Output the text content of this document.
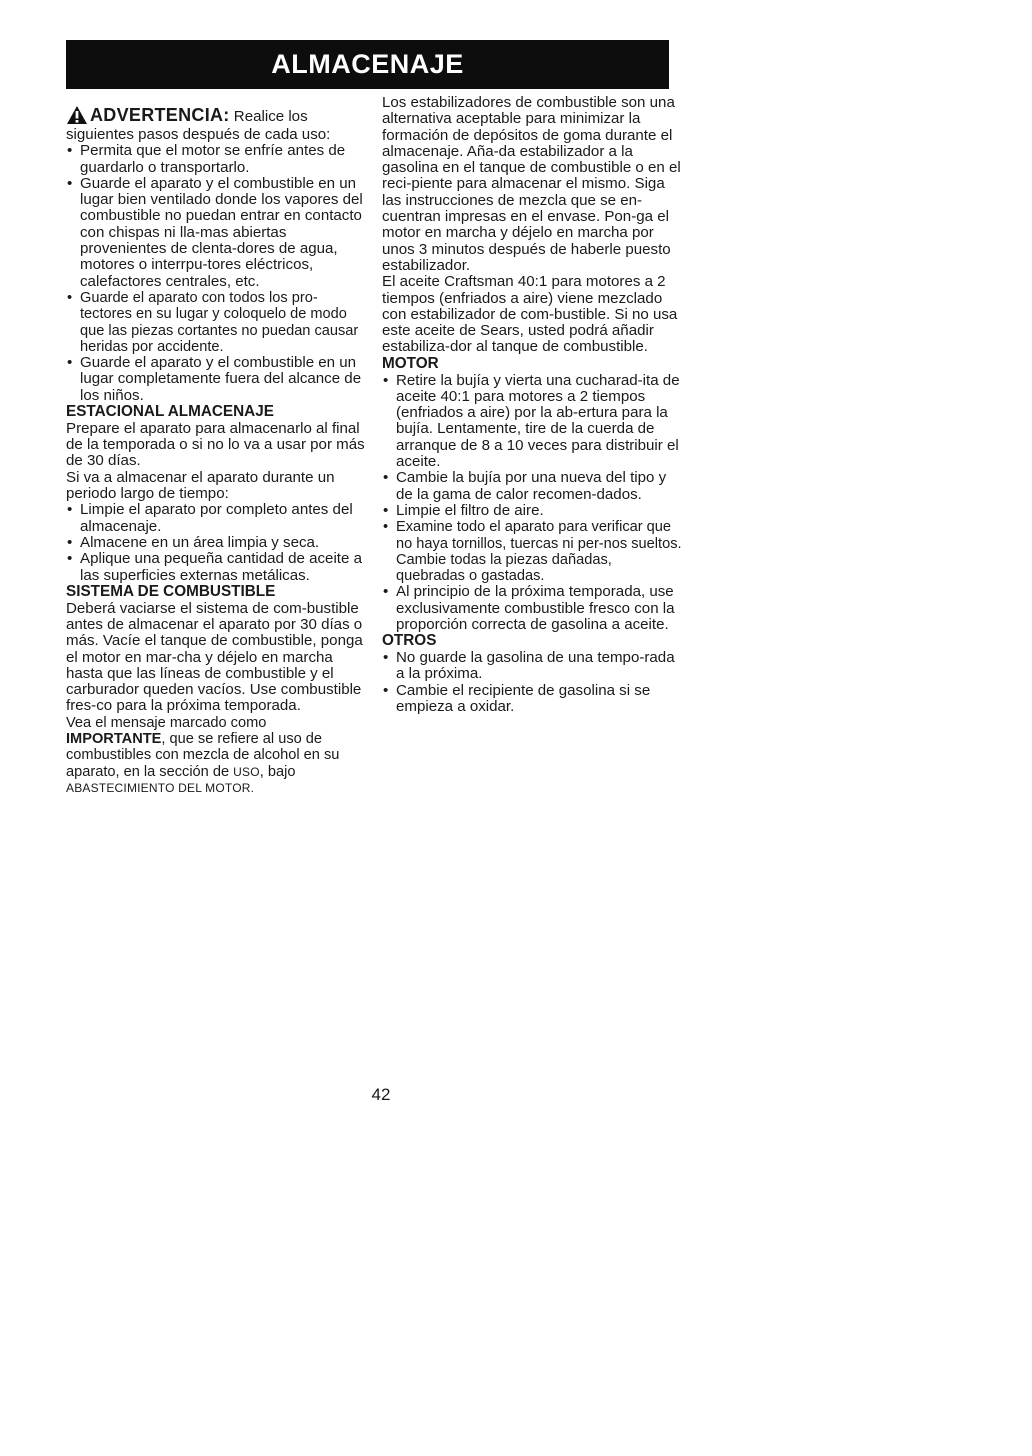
ALMACENAJE

ADVERTENCIA: Realice los

siguientes pasos después de cada uso:

• Permita que el motor se enfríe antes de guardarlo o transportarlo.
• Guarde el aparato y el combustible en un lugar bien ventilado donde los vapores del combustible no puedan entrar en contacto con chispas ni lla-mas abiertas provenientes de clenta-dores de agua, motores o interrpu-tores eléctricos, calefactores centrales, etc.
• Guarde el aparato con todos los pro-tectores en su lugar y coloquelo de modo que las piezas cortantes no puedan causar heridas por accidente.
• Guarde el aparato y el combustible en un lugar completamente fuera del alcance de los niños.

ESTACIONAL ALMACENAJE

Prepare el aparato para almacenarlo al final de la temporada o si no lo va a usar por más de 30 días.

Si va a almacenar el aparato durante un periodo largo de tiempo:

• Limpie el aparato por completo antes del almacenaje.
• Almacene en un área limpia y seca.
• Aplique una pequeña cantidad de aceite a las superficies externas metálicas.

SISTEMA DE COMBUSTIBLE

Deberá vaciarse el sistema de com-bustible antes de almacenar el aparato por 30 días o más. Vacíe el tanque de combustible, ponga el motor en mar-cha y déjelo en marcha hasta que las líneas de combustible y el carburador queden vacíos. Use combustible fres-co para la próxima temporada.

Vea el mensaje marcado como IMPORTANTE, que se refiere al uso de combustibles con mezcla de alcohol en su aparato, en la sección de USO, bajo ABASTECIMIENTO DEL MOTOR.

Los estabilizadores de combustible son una alternativa aceptable para minimizar la formación de depósitos de goma durante el almacenaje. Aña-da estabilizador a la gasolina en el tanque de combustible o en el reci-piente para almacenar el mismo. Siga las instrucciones de mezcla que se en-cuentran impresas en el envase. Pon-ga el motor en marcha y déjelo en marcha por unos 3 minutos después de haberle puesto estabilizador.

El aceite Craftsman 40:1 para motores a 2 tiempos (enfriados a aire) viene mezclado con estabilizador de com-bustible. Si no usa este aceite de Sears, usted podrá añadir estabiliza-dor al tanque de combustible.

MOTOR

• Retire la bujía y vierta una cucharad-ita de aceite 40:1 para motores a 2 tiempos (enfriados a aire) por la ab-ertura para la bujía. Lentamente, tire de la cuerda de arranque de 8 a 10 veces para distribuir el aceite.
• Cambie la bujía por una nueva del tipo y de la gama de calor recomen-dados.
• Limpie el filtro de aire.
• Examine todo el aparato para verificar que no haya tornillos, tuercas ni per-nos sueltos. Cambie todas la piezas dañadas, quebradas o gastadas.
• Al principio de la próxima temporada, use exclusivamente combustible fresco con la proporción correcta de gasolina a aceite.

OTROS

• No guarde la gasolina de una tempo-rada a la próxima.
• Cambie el recipiente de gasolina si se empieza a oxidar.
42
